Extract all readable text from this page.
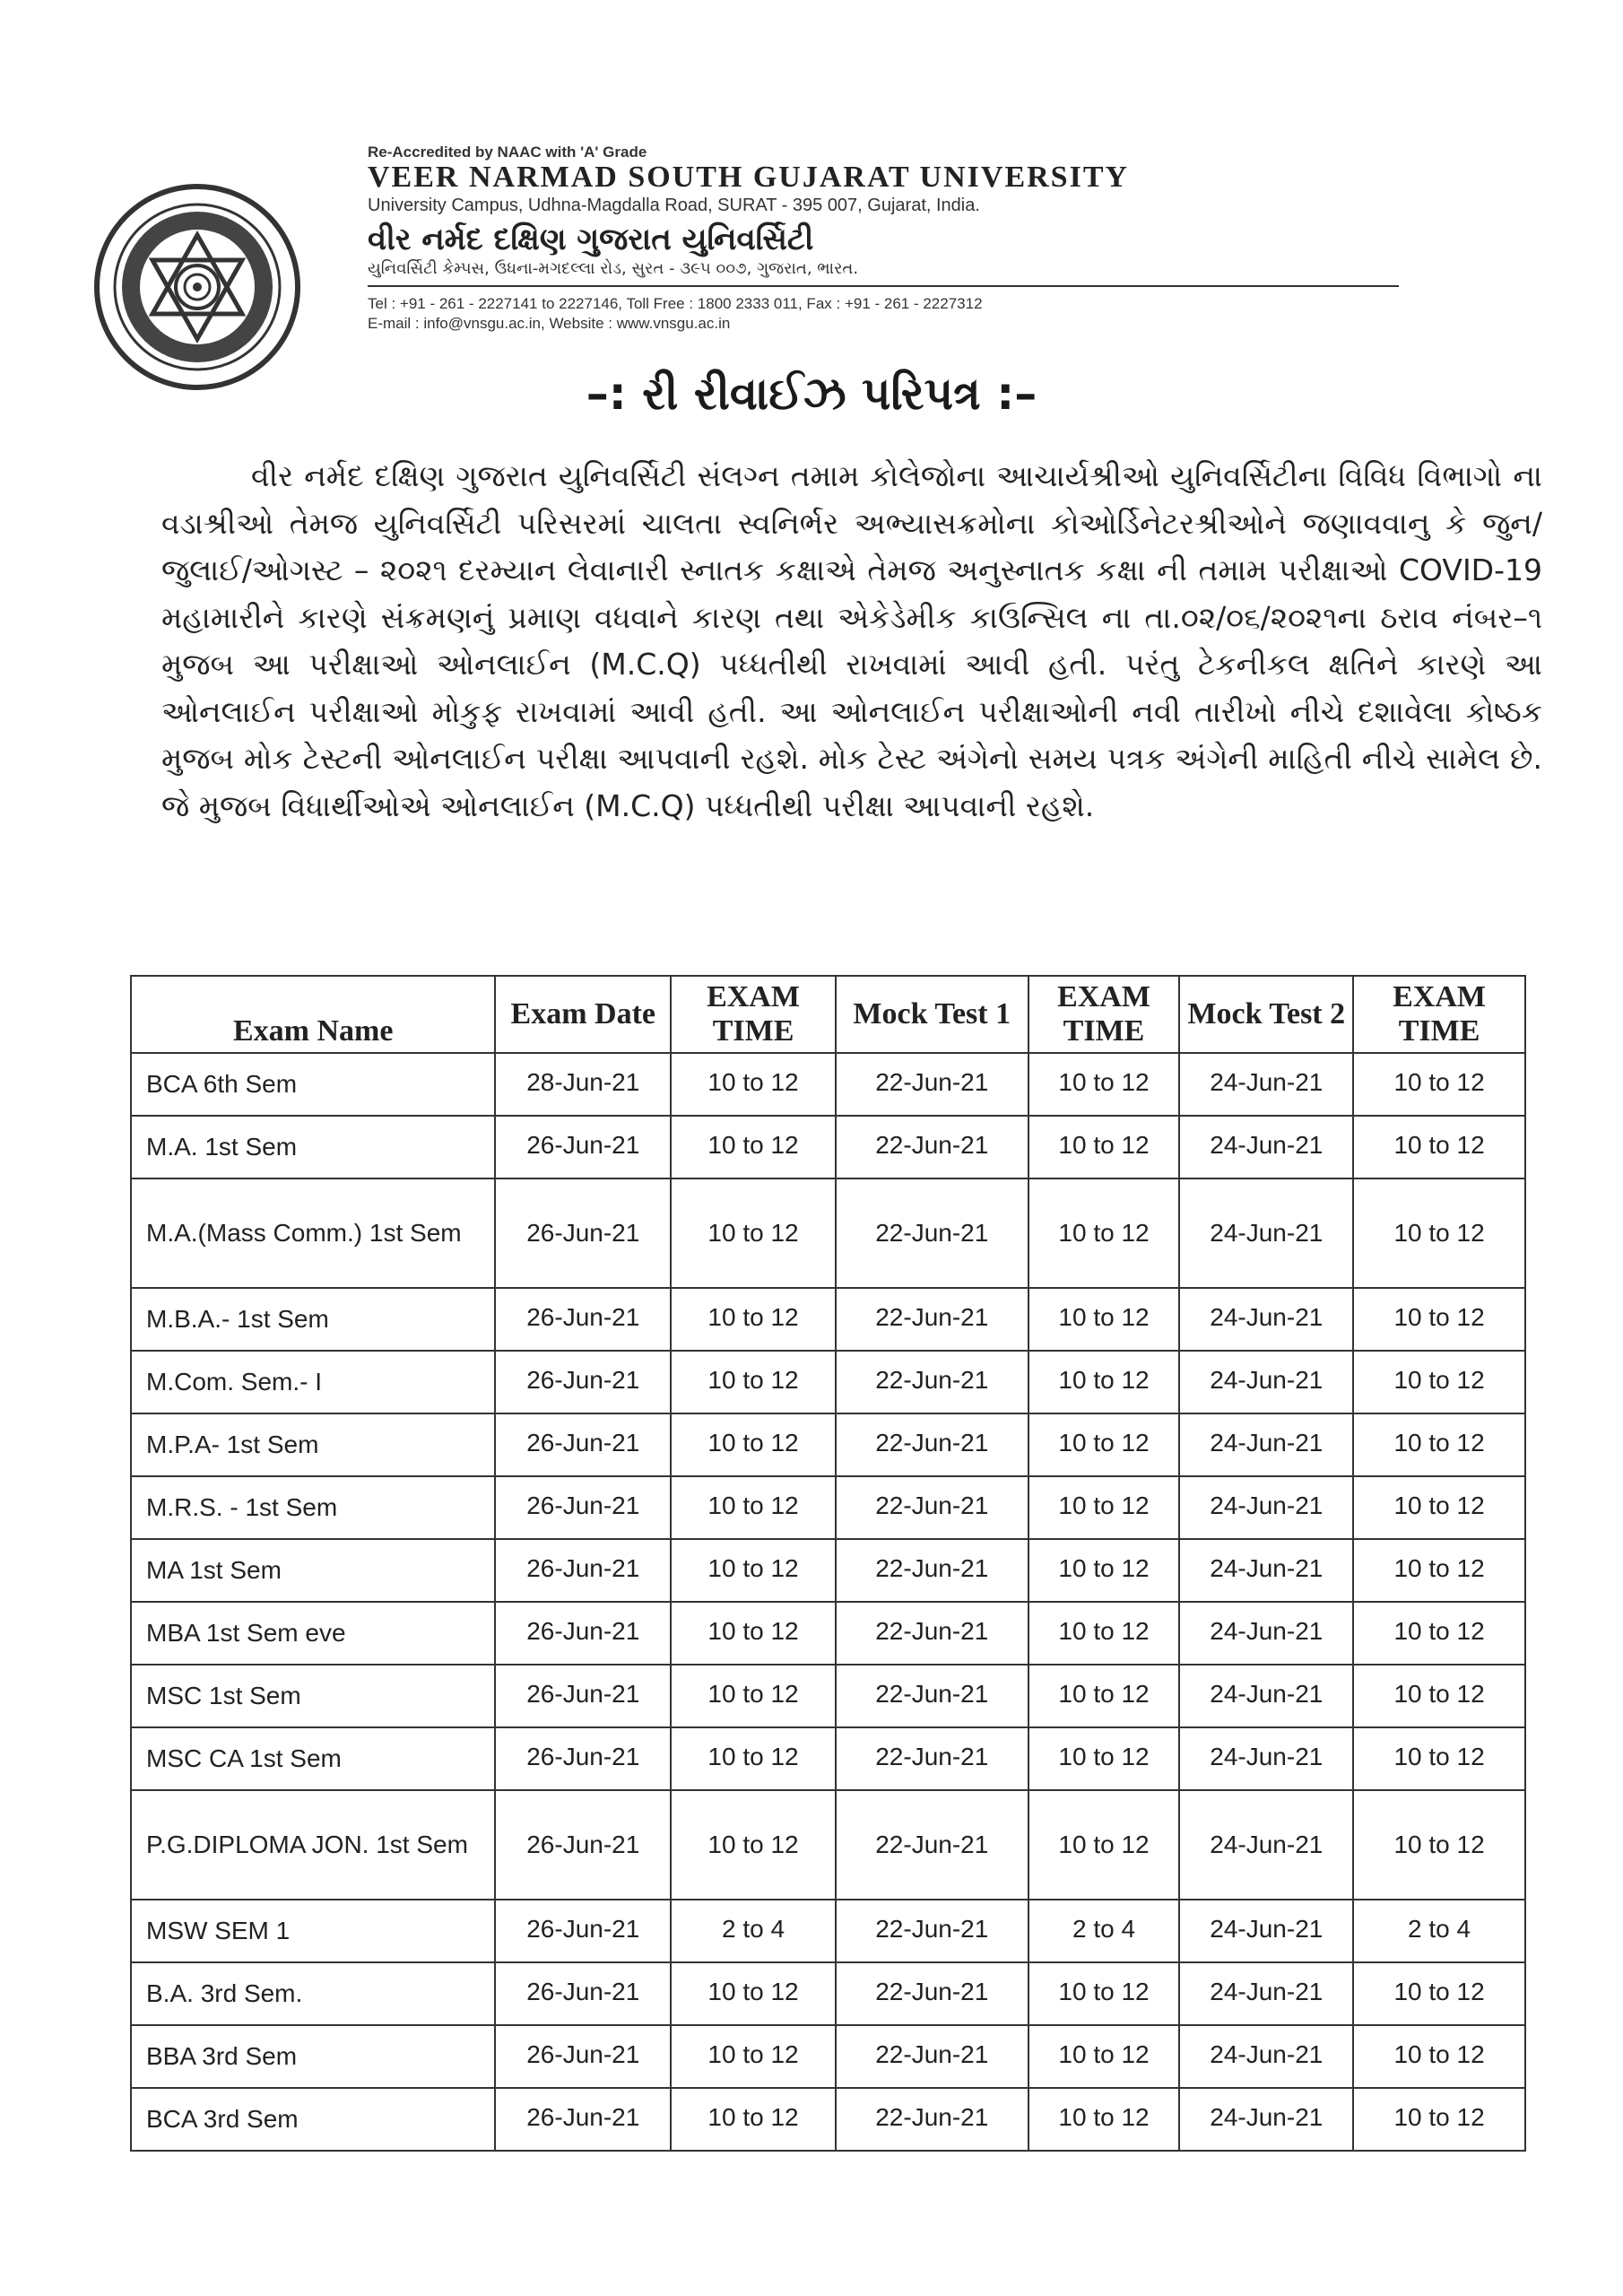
Re-Accredited by NAAC with 'A' Grade
VEER NARMAD SOUTH GUJARAT UNIVERSITY
University Campus, Udhna-Magdalla Road, SURAT - 395 007, Gujarat, India.
વીર નર્મદ દક્ષિણ ગુજરાત યુનિવર્સિટી
યુનિવર્સિટી કેમ્પસ, ઉધના-મગદલ્લા રોડ, સુરત - ૩૯૫ ૦૦૭, ગુજરાત, ભારત.
Tel : +91 - 261 - 2227141 to 2227146, Toll Free : 1800 2333 011, Fax : +91 - 261 - 2227312
E-mail : info@vnsgu.ac.in, Website : www.vnsgu.ac.in
–: રી રીવાઈઝ પરિપત્ર :–
વીર નર્મદ દક્ષિણ ગુજરાત યુનિવર્સિટી સંલગ્ન તમામ કોલેજોના આચાર્યશ્રીઓ યુનિવર્સિટીના વિવિધ વિભાગો ના વડાશ્રીઓ તેમજ યુનિવર્સિટી પરિસરમાં ચાલતા સ્વનિર્ભર અભ્યાસક્રમોના કોઓર્ડિનેટરશ્રીઓને જણાવવાનુ કે જુન/જુલાઈ/ઓગસ્ટ – ૨૦૨૧ દરમ્યાન લેવાનારી સ્નાતક કક્ષાએ તેમજ અનુસ્નાતક કક્ષા ની તમામ પરીક્ષાઓ COVID-19 મહામારીને કારણે સંક્રમણનું પ્રમાણ વધવાને કારણ તથા એકેડેમીક કાઉન્સિલ ના તા.૦૨/૦૬/૨૦૨૧ના ઠરાવ નંબર–૧ મુજબ આ પરીક્ષાઓ ઓનલાઈન (M.C.Q) પધ્ધતીથી રાખવામાં આવી હતી. પરંતુ ટેકનીકલ ક્ષતિને કારણે આ ઓનલાઈન પરીક્ષાઓ મોકુફ રાખવામાં આવી હતી. આ ઓનલાઈન પરીક્ષાઓની નવી તારીખો નીચે દશાવેલા કોષ્ઠક મુજબ મોક ટેસ્ટની ઓનલાઈન પરીક્ષા આપવાની રહશે. મોક ટેસ્ટ અંગેનો સમય પત્રક અંગેની માહિતી નીચે સામેલ છે. જે મુજબ વિધાર્થીઓએ ઓનલાઈન (M.C.Q) પધ્ધતીથી પરીક્ષા આપવાની રહશે.
Exam Name	Exam Date	EXAM TIME	Mock Test 1	EXAM TIME	Mock Test 2	EXAM TIME
BCA 6th Sem	28-Jun-21	10 to 12	22-Jun-21	10 to 12	24-Jun-21	10 to 12
M.A. 1st Sem	26-Jun-21	10 to 12	22-Jun-21	10 to 12	24-Jun-21	10 to 12
M.A.(Mass Comm.) 1st Sem	26-Jun-21	10 to 12	22-Jun-21	10 to 12	24-Jun-21	10 to 12
M.B.A.- 1st Sem	26-Jun-21	10 to 12	22-Jun-21	10 to 12	24-Jun-21	10 to 12
M.Com. Sem.- I	26-Jun-21	10 to 12	22-Jun-21	10 to 12	24-Jun-21	10 to 12
M.P.A- 1st Sem	26-Jun-21	10 to 12	22-Jun-21	10 to 12	24-Jun-21	10 to 12
M.R.S. - 1st Sem	26-Jun-21	10 to 12	22-Jun-21	10 to 12	24-Jun-21	10 to 12
MA 1st Sem	26-Jun-21	10 to 12	22-Jun-21	10 to 12	24-Jun-21	10 to 12
MBA 1st Sem eve	26-Jun-21	10 to 12	22-Jun-21	10 to 12	24-Jun-21	10 to 12
MSC 1st Sem	26-Jun-21	10 to 12	22-Jun-21	10 to 12	24-Jun-21	10 to 12
MSC CA 1st Sem	26-Jun-21	10 to 12	22-Jun-21	10 to 12	24-Jun-21	10 to 12
P.G.DIPLOMA JON. 1st Sem	26-Jun-21	10 to 12	22-Jun-21	10 to 12	24-Jun-21	10 to 12
MSW SEM 1	26-Jun-21	2 to 4	22-Jun-21	2 to 4	24-Jun-21	2 to 4
B.A. 3rd Sem.	26-Jun-21	10 to 12	22-Jun-21	10 to 12	24-Jun-21	10 to 12
BBA 3rd Sem	26-Jun-21	10 to 12	22-Jun-21	10 to 12	24-Jun-21	10 to 12
BCA 3rd Sem	26-Jun-21	10 to 12	22-Jun-21	10 to 12	24-Jun-21	10 to 12
